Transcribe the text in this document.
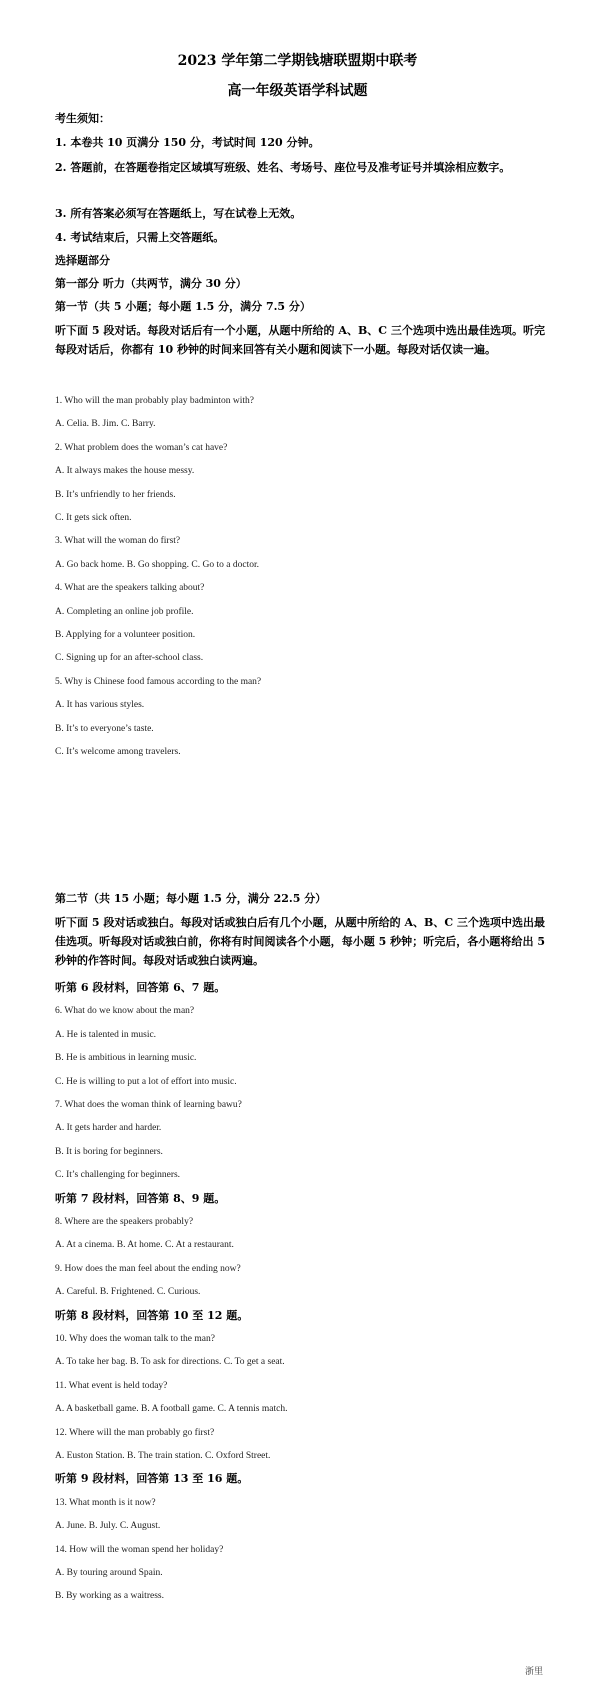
2023 学年第二学期钱塘联盟期中联考
高一年级英语学科试题
考生须知：
1. 本卷共 10 页满分 150 分，考试时间 120 分钟。
2. 答题前，在答题卷指定区域填写班级、姓名、考场号、座位号及准考证号并填涂相应数字。
3. 所有答案必须写在答题纸上，写在试卷上无效。
4. 考试结束后，只需上交答题纸。
选择题部分
第一部分 听力（共两节，满分 30 分）
第一节（共 5 小题；每小题 1.5 分，满分 7.5 分）
听下面 5 段对话。每段对话后有一个小题，从题中所给的 A、B、C 三个选项中选出最佳选项。听完每段对话后，你都有 10 秒钟的时间来回答有关小题和阅读下一小题。每段对话仅读一遍。
1. Who will the man probably play badminton with?
A. Celia. B. Jim. C. Barry.
2. What problem does the woman’s cat have?
A. It always makes the house messy.
B. It’s unfriendly to her friends.
C. It gets sick often.
3. What will the woman do first?
A. Go back home. B. Go shopping. C. Go to a doctor.
4. What are the speakers talking about?
A. Completing an online job profile.
B. Applying for a volunteer position.
C. Signing up for an after-school class.
5. Why is Chinese food famous according to the man?
A. It has various styles.
B. It’s to everyone’s taste.
C. It’s welcome among travelers.
第二节（共 15 小题；每小题 1.5 分，满分 22.5 分）
听下面 5 段对话或独白。每段对话或独白后有几个小题，从题中所给的 A、B、C 三个选项中选出最佳选项。听每段对话或独白前，你将有时间阅读各个小题，每小题 5 秒钟；听完后，各小题将给出 5 秒钟的作答时间。每段对话或独白读两遍。
听第 6 段材料，回答第 6、7 题。
6. What do we know about the man?
A. He is talented in music.
B. He is ambitious in learning music.
C. He is willing to put a lot of effort into music.
7. What does the woman think of learning bawu?
A. It gets harder and harder.
B. It is boring for beginners.
C. It’s challenging for beginners.
听第 7 段材料，回答第 8、9 题。
8. Where are the speakers probably?
A. At a cinema. B. At home. C. At a restaurant.
9. How does the man feel about the ending now?
A. Careful. B. Frightened. C. Curious.
听第 8 段材料，回答第 10 至 12 题。
10. Why does the woman talk to the man?
A. To take her bag. B. To ask for directions. C. To get a seat.
11. What event is held today?
A. A basketball game. B. A football game. C. A tennis match.
12. Where will the man probably go first?
A. Euston Station. B. The train station. C. Oxford Street.
听第 9 段材料，回答第 13 至 16 题。
13. What month is it now?
A. June. B. July. C. August.
14. How will the woman spend her holiday?
A. By touring around Spain.
B. By working as a waitress.
浙里
